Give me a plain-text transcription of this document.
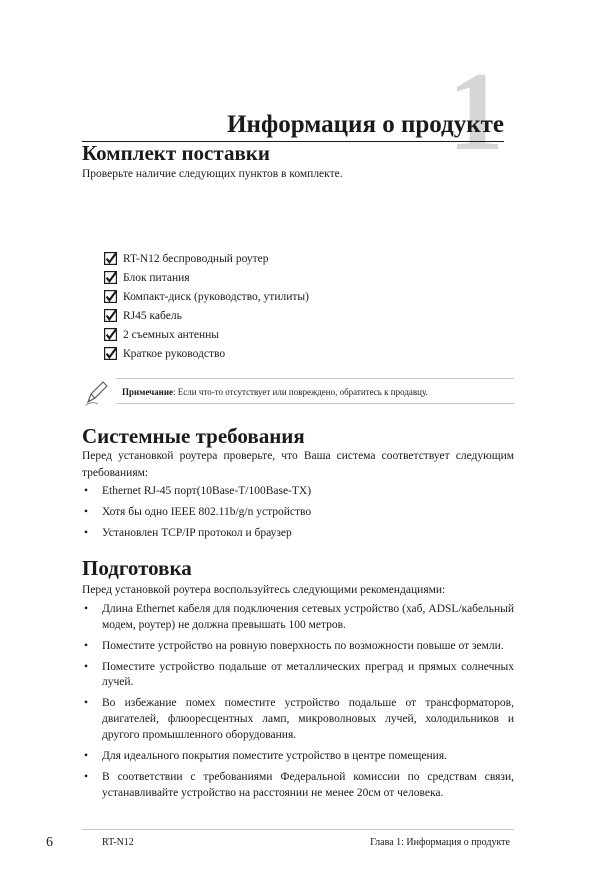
1
Информация о продукте
Комплект поставки
Проверьте наличие следующих пунктов в комплекте.
RT-N12 беспроводный роутер
Блок питания
Компакт-диск (руководство, утилиты)
RJ45 кабель
2 съемных антенны
Краткое руководство
Примечание: Если что-то отсутствует или повреждено, обратитесь к продавцу.
Системные требования
Перед установкой роутера проверьте, что Ваша система соответствует следующим требованиям:
• Ethernet RJ-45 порт(10Base-T/100Base-TX)
• Хотя бы одно IEEE 802.11b/g/n устройство
• Установлен TCP/IP протокол и браузер
Подготовка
Перед установкой роутера воспользуйтесь следующими рекомендациями:
• Длина Ethernet кабеля для подключения сетевых устройство (хаб, ADSL/кабельный модем, роутер) не должна превышать 100 метров.
• Поместите устройство на ровную поверхность по возможности повыше от земли.
• Поместите устройство подальше от металлических преград и прямых солнечных лучей.
• Во избежание помех поместите устройство подальше от трансформаторов, двигателей, флюоресцентных ламп, микроволновых лучей, холодильников и другого промышленного оборудования.
• Для идеального покрытия поместите устройство в центре помещения.
• В соответствии с требованиями Федеральной комиссии по средствам связи, устанавливайте устройство на расстоянии не менее 20см от человека.
6	RT-N12	Глава 1: Информация о продукте
